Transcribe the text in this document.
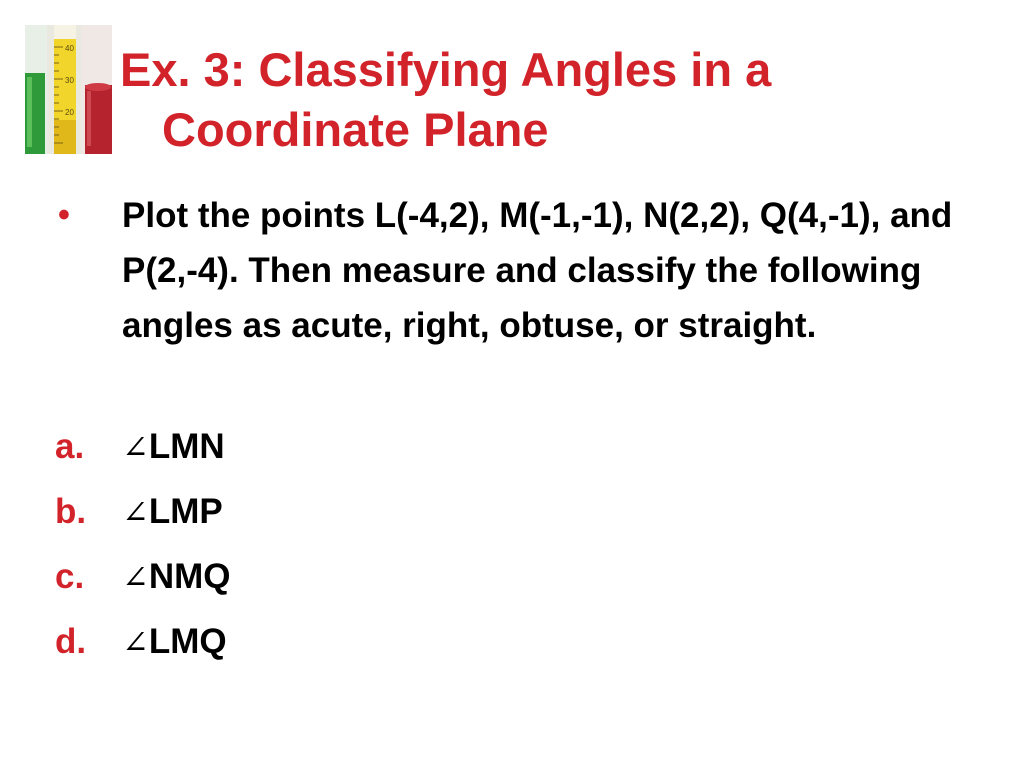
40
30
20
Ex. 3: Classifying Angles in a
Coordinate Plane
• Plot the points L(-4,2), M(-1,-1), N(2,2), Q(4,-1), and P(2,-4). Then measure and classify the following angles as acute, right, obtuse, or straight.
a. ∠LMN
b. ∠LMP
c. ∠NMQ
d. ∠LMQ
